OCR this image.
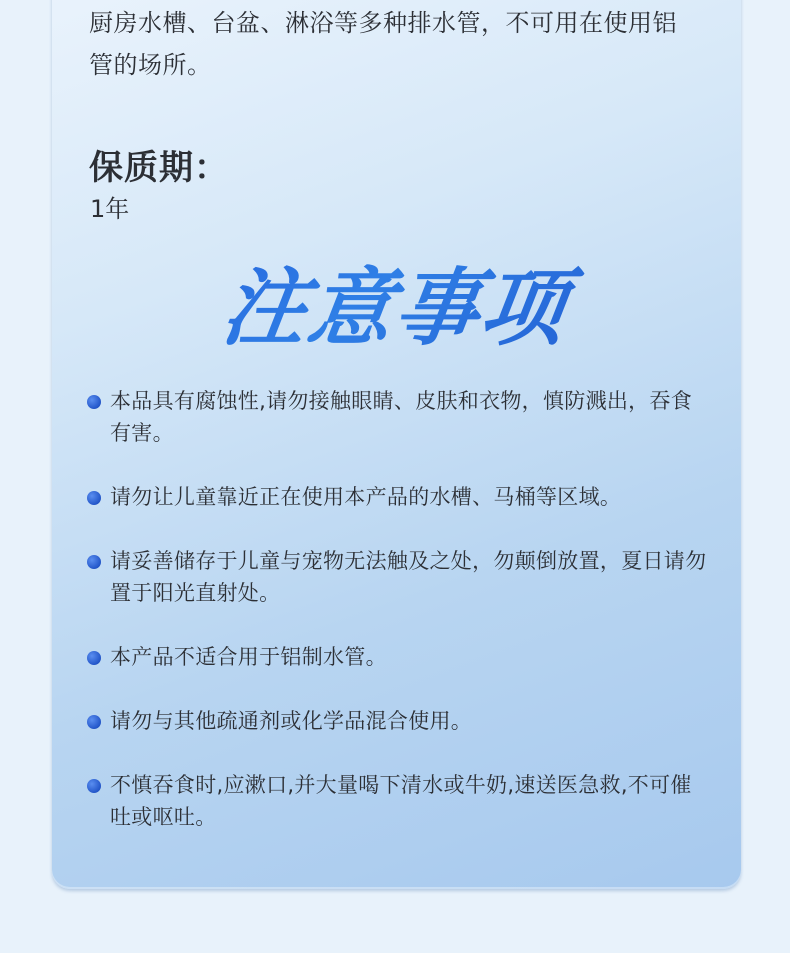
厨房水槽、台盆、淋浴等多种排水管，不可用在使用铝管的场所。
保质期：
1年
注意事项
本品具有腐蚀性,请勿接触眼睛、皮肤和衣物，慎防溅出，吞食有害。
请勿让儿童靠近正在使用本产品的水槽、马桶等区域。
请妥善储存于儿童与宠物无法触及之处，勿颠倒放置，夏日请勿置于阳光直射处。
本产品不适合用于铝制水管。
请勿与其他疏通剂或化学品混合使用。
不慎吞食时,应漱口,并大量喝下清水或牛奶,速送医急救,不可催吐或呕吐。
